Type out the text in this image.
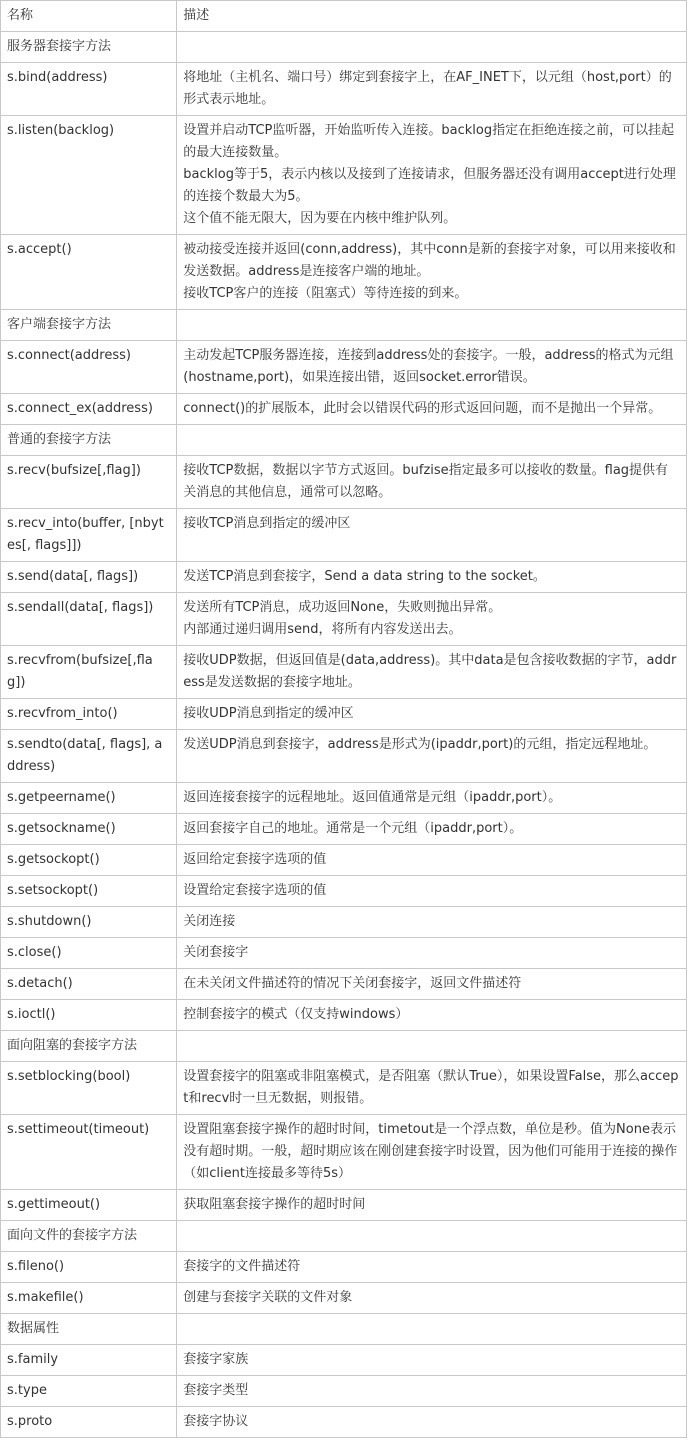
名称	描述
服务器套接字方法	

s.bind(address)	将地址（主机名、端口号）绑定到套接字上，在AF_INET下，以元组（host,port）的形式表示地址。

s.listen(backlog)	设置并启动TCP监听器，开始监听传入连接。backlog指定在拒绝连接之前，可以挂起的最大连接数量。
backlog等于5，表示内核以及接到了连接请求，但服务器还没有调用accept进行处理的连接个数最大为5。
这个值不能无限大，因为要在内核中维护队列。

s.accept()	被动接受连接并返回(conn,address)，其中conn是新的套接字对象，可以用来接收和发送数据。address是连接客户端的地址。
接收TCP客户的连接（阻塞式）等待连接的到来。

客户端套接字方法	

s.connect(address)	主动发起TCP服务器连接，连接到address处的套接字。一般，address的格式为元组(hostname,port)，如果连接出错，返回socket.error错误。

s.connect_ex(address)	connect()的扩展版本，此时会以错误代码的形式返回问题，而不是抛出一个异常。

普通的套接字方法	

s.recv(bufsize[,flag])	接收TCP数据，数据以字节方式返回。bufzise指定最多可以接收的数量。flag提供有关消息的其他信息，通常可以忽略。

s.recv_into(buffer, [nbytes[, flags]])	接收TCP消息到指定的缓冲区

s.send(data[, flags])	发送TCP消息到套接字，Send a data string to the socket。

s.sendall(data[, flags])	发送所有TCP消息，成功返回None，失败则抛出异常。
内部通过递归调用send，将所有内容发送出去。

s.recvfrom(bufsize[,flag])	接收UDP数据，但返回值是(data,address)。其中data是包含接收数据的字节，address是发送数据的套接字地址。

s.recvfrom_into()	接收UDP消息到指定的缓冲区

s.sendto(data[, flags], address)	发送UDP消息到套接字，address是形式为(ipaddr,port)的元组，指定远程地址。

s.getpeername()	返回连接套接字的远程地址。返回值通常是元组（ipaddr,port）。

s.getsockname()	返回套接字自己的地址。通常是一个元组（ipaddr,port）。

s.getsockopt()	返回给定套接字选项的值

s.setsockopt()	设置给定套接字选项的值

s.shutdown()	关闭连接

s.close()	关闭套接字

s.detach()	在未关闭文件描述符的情况下关闭套接字，返回文件描述符

s.ioctl()	控制套接字的模式（仅支持windows）

面向阻塞的套接字方法	

s.setblocking(bool)	设置套接字的阻塞或非阻塞模式，是否阻塞（默认True），如果设置False，那么accept和recv时一旦无数据，则报错。

s.settimeout(timeout)	设置阻塞套接字操作的超时时间，timetout是一个浮点数，单位是秒。值为None表示没有超时期。一般，超时期应该在刚创建套接字时设置，因为他们可能用于连接的操作（如client连接最多等待5s）

s.gettimeout()	获取阻塞套接字操作的超时时间

面向文件的套接字方法	

s.fileno()	套接字的文件描述符

s.makefile()	创建与套接字关联的文件对象

数据属性	

s.family	套接字家族

s.type	套接字类型

s.proto	套接字协议
